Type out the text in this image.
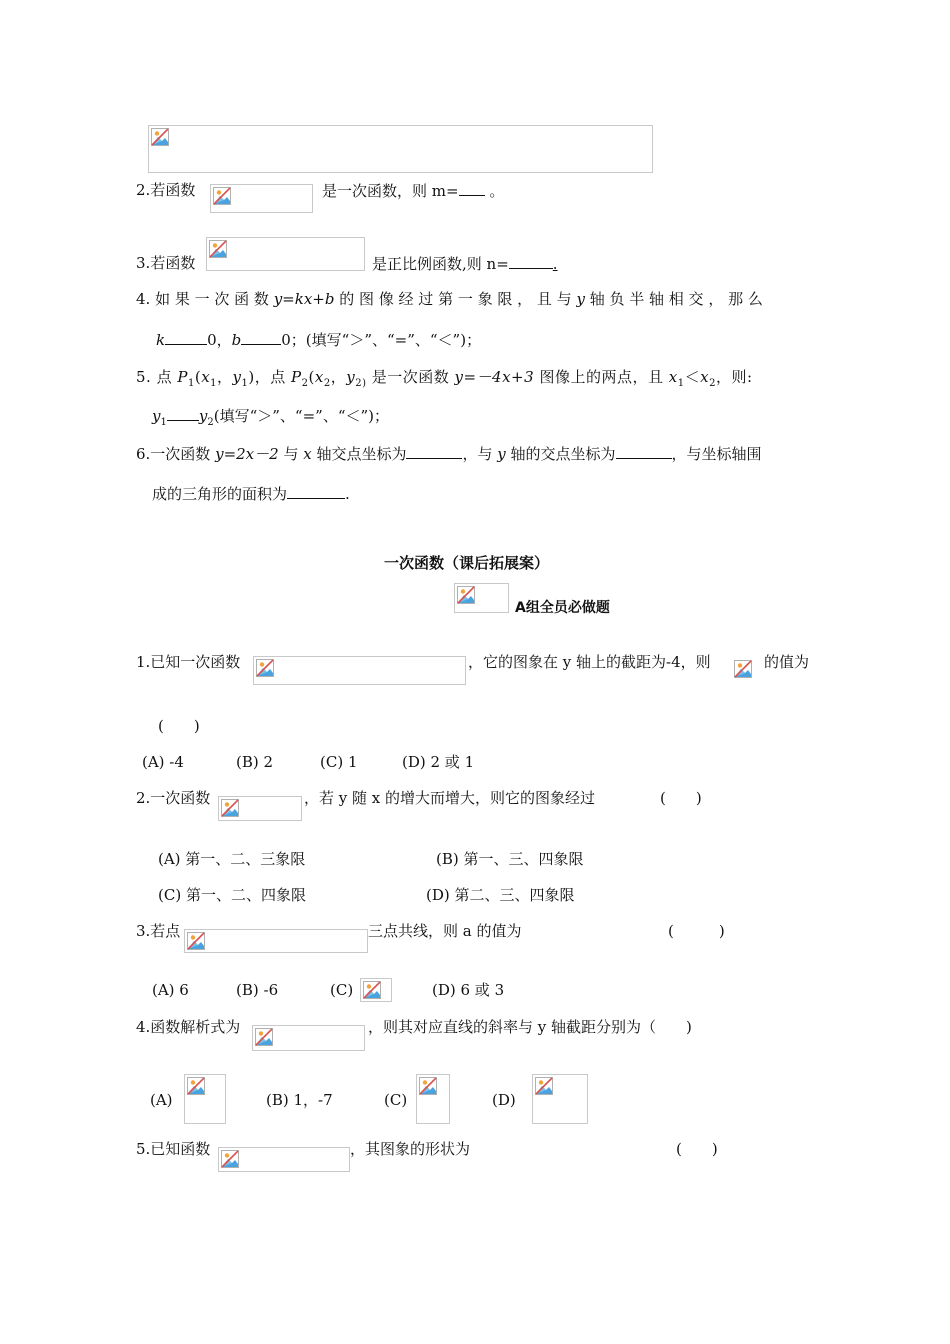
2.若函数	是一次函数，则 m= 。
3.若函数	是正比例函数,则 n=	.
4. 如 果 一 次 函 数 y=kx+b 的 图 像 经 过 第 一 象 限 ， 且 与 y 轴 负 半 轴 相 交 ， 那 么
k	0，b	0；(填写“＞”、“=”、“＜”)；
5. 点 $P_1(x_1$，$y_1$)，点 $P_2(x_2$，$y_{2)}$ 是一次函数 y=－4x+3 图像上的两点，且 $x_1<x_2$，则:
$y_1$ $y_2$(填写“＞”、“=”、“＜”)；
6.一次函数 y=2x－2 与 x 轴交点坐标为	，与 y 轴的交点坐标为	，与坐标轴围
成的三角形的面积为	.
一次函数（课后拓展案）
A组全员必做题
1.已知一次函数	，它的图象在 y 轴上的截距为-4，则	的值为
(　　)
(A) -4	(B) 2	(C) 1	(D) 2 或 1
2.一次函数	，若 y 随 x 的增大而增大，则它的图象经过	(　　)
(A) 第一、二、三象限	(B) 第一、三、四象限
(C) 第一、二、四象限	(D) 第二、三、四象限
3.若点	三点共线，则 a 的值为	(　　　)
(A) 6	(B) -6	(C)	(D) 6 或 3
4.函数解析式为	，则其对应直线的斜率与 y 轴截距分别为（　　)
(A)	(B) 1，-7	(C)	(D)
5.已知函数	，其图象的形状为	(　　)
